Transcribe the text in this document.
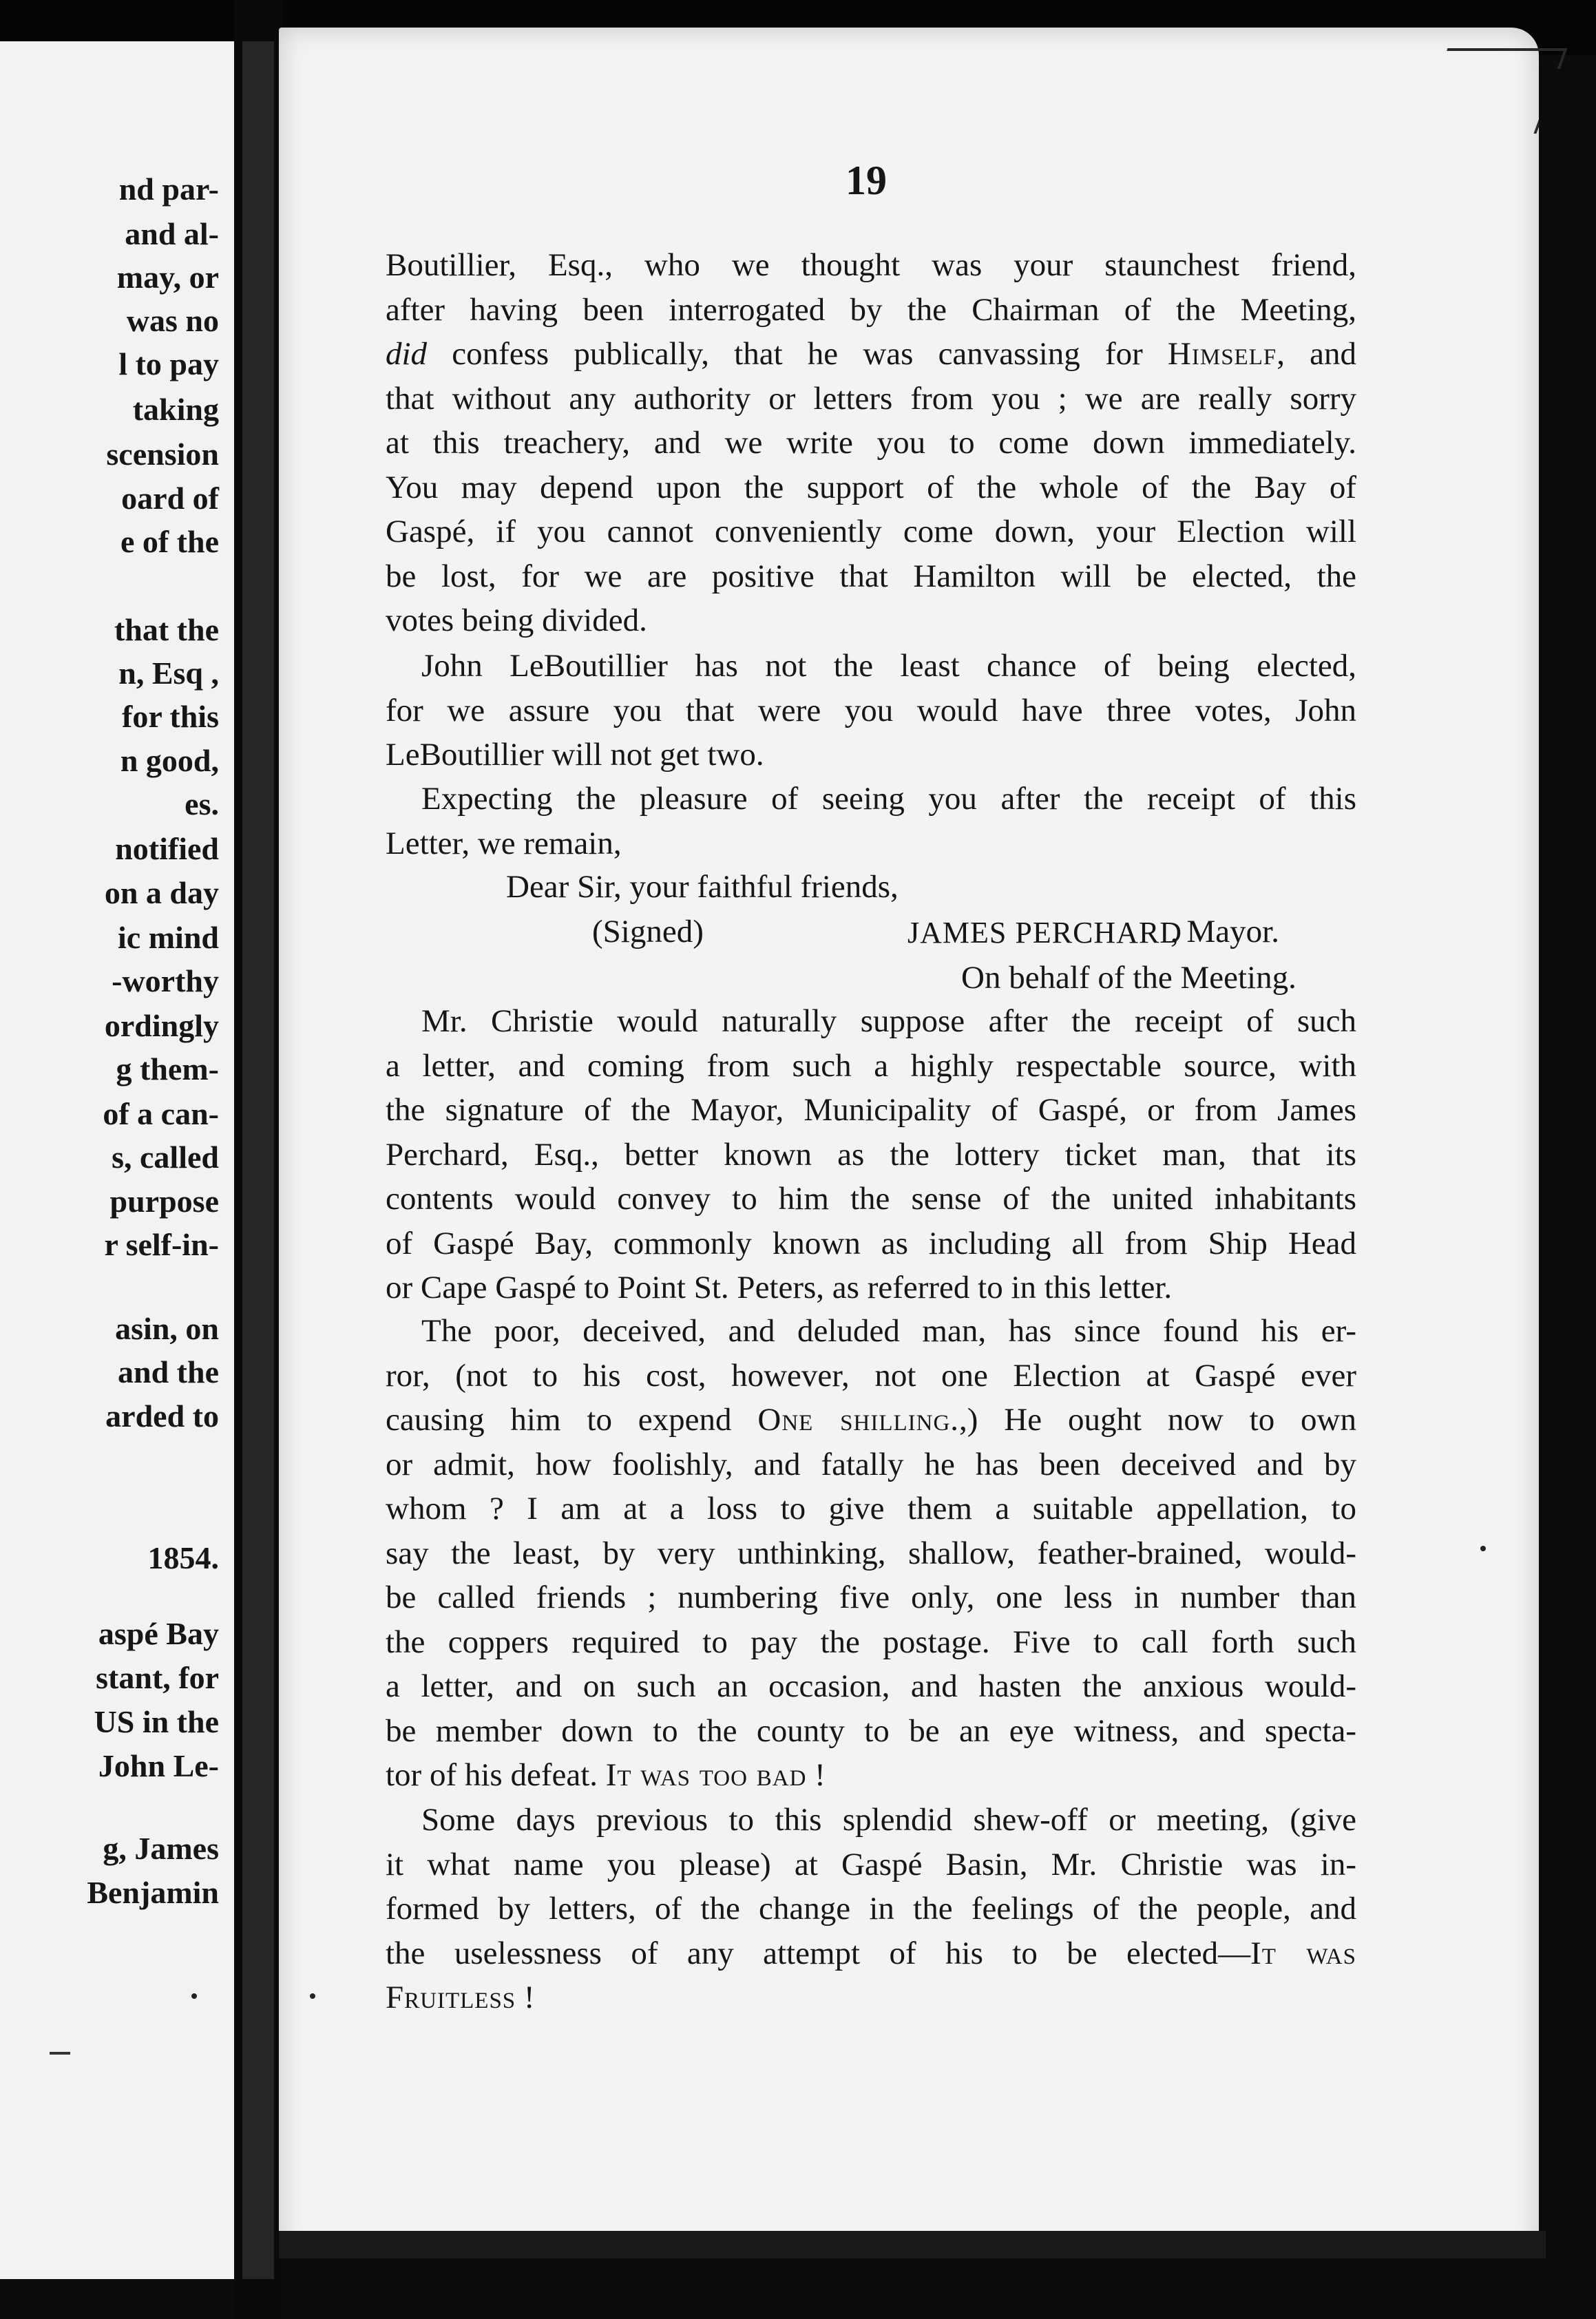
nd par-
and al-
may, or
was no
l to pay
taking
scension
oard of
e of the
that the
n, Esq ,
for this
n good,
es.
notified
on a day
ic mind
-worthy
ordingly
g them-
of a can-
s, called
purpose
r self-in-
asin, on
and the
arded to
1854.
aspé Bay
stant, for
US in the
John Le-
g, James
Benjamin
19
Boutillier, Esq., who we thought was your staunchest friend,
after having been interrogated by the Chairman of the Meeting,
did confess publically, that he was canvassing for Himself, and
that without any authority or letters from you ; we are really sorry
at this treachery, and we write you to come down immediately.
You may depend upon the support of the whole of the Bay of
Gaspé, if you cannot conveniently come down, your Election will
be lost, for we are positive that Hamilton will be elected, the
votes being divided.
John LeBoutillier has not the least chance of being elected,
for we assure you that were you would have three votes, John
LeBoutillier will not get two.
Expecting the pleasure of seeing you after the receipt of this
Letter, we remain,
Dear Sir, your faithful friends,
(Signed)	JAMES PERCHARD
, Mayor.
On behalf of the Meeting.
Mr. Christie would naturally suppose after the receipt of such
a letter, and coming from such a highly respectable source, with
the signature of the Mayor, Municipality of Gaspé, or from James
Perchard, Esq., better known as the lottery ticket man, that its
contents would convey to him the sense of the united inhabitants
of Gaspé Bay, commonly known as including all from Ship Head
or Cape Gaspé to Point St. Peters, as referred to in this letter.
The poor, deceived, and deluded man, has since found his er-
ror, (not to his cost, however, not one Election at Gaspé ever
causing him to expend One shilling.,) He ought now to own
or admit, how foolishly, and fatally he has been deceived and by
whom ? I am at a loss to give them a suitable appellation, to
say the least, by very unthinking, shallow, feather-brained, would-
be called friends ; numbering five only, one less in number than
the coppers required to pay the postage. Five to call forth such
a letter, and on such an occasion, and hasten the anxious would-
be member down to the county to be an eye witness, and specta-
tor of his defeat. It was too bad !
Some days previous to this splendid shew-off or meeting, (give
it what name you please) at Gaspé Basin, Mr. Christie was in-
formed by letters, of the change in the feelings of the people, and
the uselessness of any attempt of his to be elected—It was
Fruitless !
